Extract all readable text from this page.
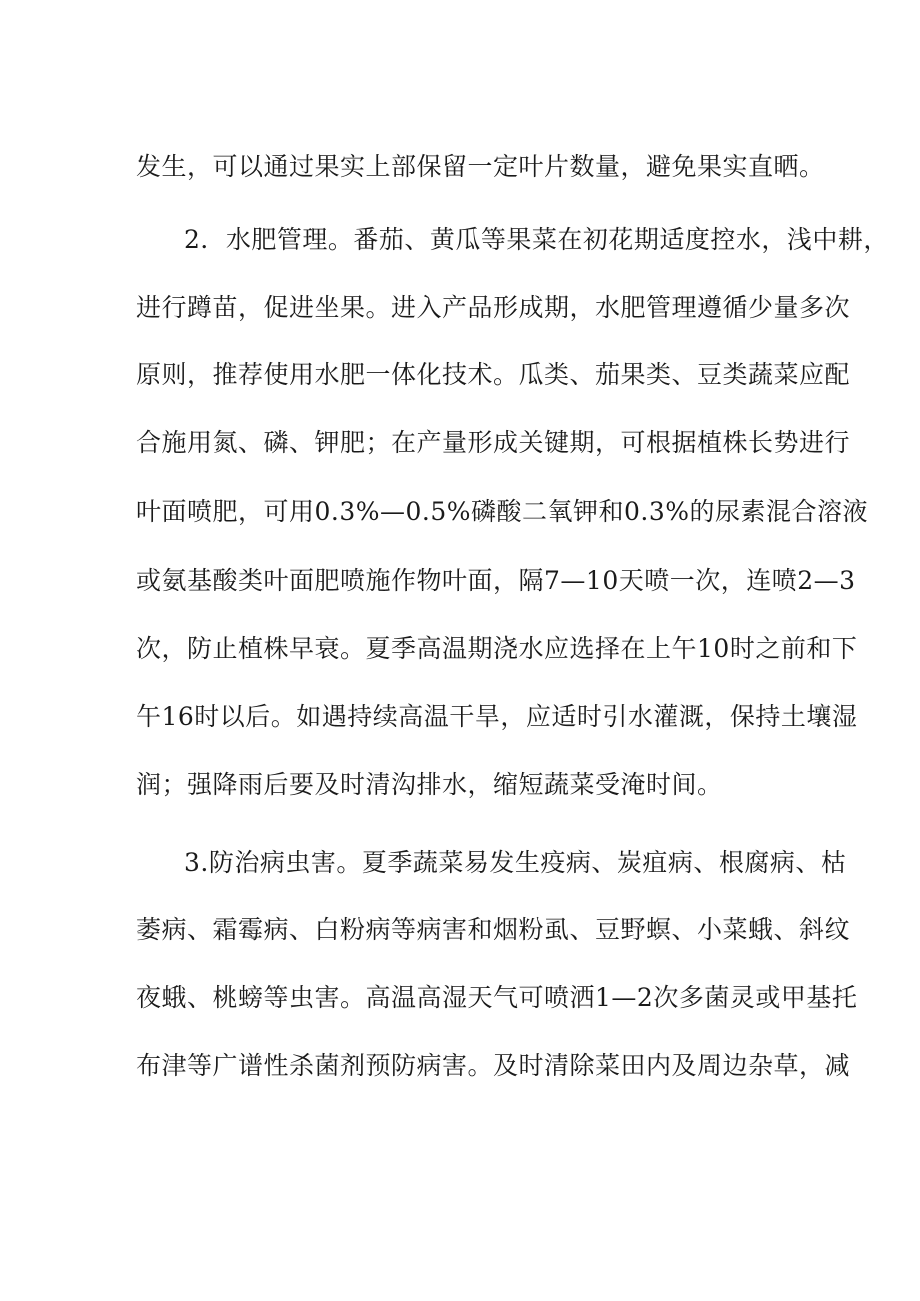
发生，可以通过果实上部保留一定叶片数量，避免果实直晒。
2．水肥管理。番茄、黄瓜等果菜在初花期适度控水，浅中耕，
进行蹲苗，促进坐果。进入产品形成期，水肥管理遵循少量多次
原则，推荐使用水肥一体化技术。瓜类、茄果类、豆类蔬菜应配
合施用氮、磷、钾肥；在产量形成关键期，可根据植株长势进行
叶面喷肥，可用0.3%—0.5%磷酸二氧钾和0.3%的尿素混合溶液
或氨基酸类叶面肥喷施作物叶面，隔7—10天喷一次，连喷2—3
次，防止植株早衰。夏季高温期浇水应选择在上午10时之前和下
午16时以后。如遇持续高温干旱，应适时引水灌溉，保持土壤湿
润；强降雨后要及时清沟排水，缩短蔬菜受淹时间。
3.防治病虫害。夏季蔬菜易发生疫病、炭疽病、根腐病、枯
萎病、霜霉病、白粉病等病害和烟粉虱、豆野螟、小菜蛾、斜纹
夜蛾、桃螃等虫害。高温高湿天气可喷洒1—2次多菌灵或甲基托
布津等广谱性杀菌剂预防病害。及时清除菜田内及周边杂草，减
